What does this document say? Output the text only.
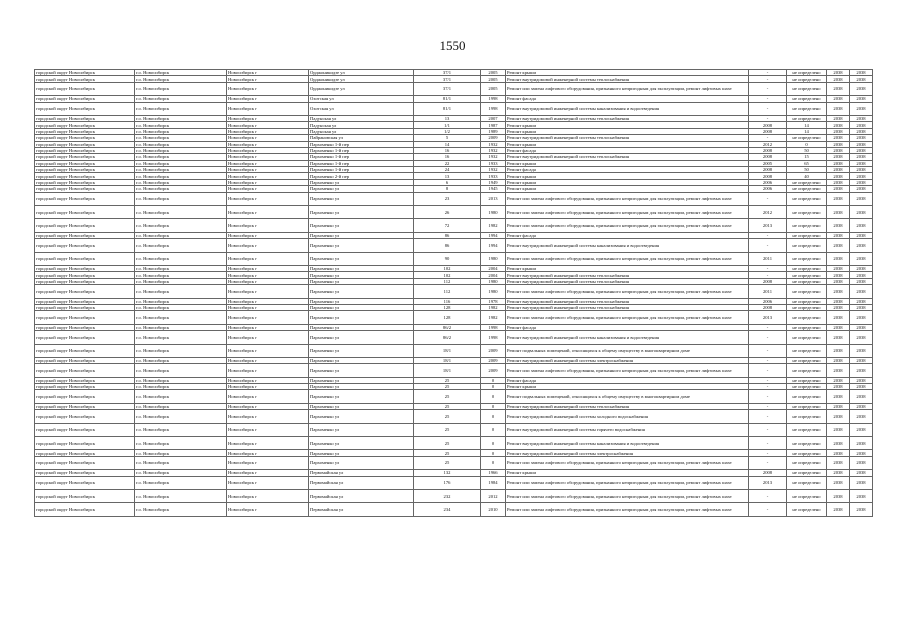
1550
городской округ Новосибирск	г.о. Новосибирск	Новосибирск г	Орджоникидзе ул	37/1	2005	Ремонт крыши	-	не определено	2038	2038
городской округ Новосибирск	г.о. Новосибирск	Новосибирск г	Орджоникидзе ул	37/1	2005	Ремонт внутридомовой инженерной системы теплоснабжения	-	не определено	2038	2038
городской округ Новосибирск	г.о. Новосибирск	Новосибирск г	Орджоникидзе ул	37/1	2005	Ремонт или замена лифтового оборудования, признанного непригодным для эксплуатации, ремонт лифтовых шахт	-	не определено	2038	2038
городской округ Новосибирск	г.о. Новосибирск	Новосибирск г	Охотская ул	81/1	1998	Ремонт фасада	-	не определено	2038	2038
городской округ Новосибирск	г.о. Новосибирск	Новосибирск г	Охотская ул	81/1	1998	Ремонт внутридомовой инженерной системы канализования и водоотведения	-	не определено	2038	2038
городской округ Новосибирск	г.о. Новосибирск	Новосибирск г	Падунская ул	13	2007	Ремонт внутридомовой инженерной системы теплоснабжения	-	не определено	2038	2038
городской округ Новосибирск	г.о. Новосибирск	Новосибирск г	Падунская ул	1/1	1987	Ремонт крыши	2008	14	2038	2038
городской округ Новосибирск	г.о. Новосибирск	Новосибирск г	Падунская ул	1/2	1989	Ремонт крыши	2008	14	2038	2038
городской округ Новосибирск	г.о. Новосибирск	Новосибирск г	Пайрановская ул	5	2009	Ремонт внутридомовой инженерной системы теплоснабжения	-	не определено	2038	2038
городской округ Новосибирск	г.о. Новосибирск	Новосибирск г	Пархоменко 1-й пер	14	1932	Ремонт крыши	2012	0	2038	2038
городской округ Новосибирск	г.о. Новосибирск	Новосибирск г	Пархоменко 1-й пер	16	1932	Ремонт фасада	2008	50	2038	2038
городской округ Новосибирск	г.о. Новосибирск	Новосибирск г	Пархоменко 1-й пер	16	1932	Ремонт внутридомовой инженерной системы теплоснабжения	2008	15	2038	2038
городской округ Новосибирск	г.о. Новосибирск	Новосибирск г	Пархоменко 1-й пер	22	1933	Ремонт крыши	2005	65	2038	2038
городской округ Новосибирск	г.о. Новосибирск	Новосибирск г	Пархоменко 1-й пер	24	1932	Ремонт фасада	2008	50	2038	2038
городской округ Новосибирск	г.о. Новосибирск	Новосибирск г	Пархоменко 2-й пер	13	1933	Ремонт крыши	2008	40	2038	2038
городской округ Новосибирск	г.о. Новосибирск	Новосибирск г	Пархоменко ул	6	1949	Ремонт крыши	2006	не определено	2038	2038
городской округ Новосибирск	г.о. Новосибирск	Новосибирск г	Пархоменко ул	8	1945	Ремонт крыши	2006	не определено	2038	2038
городской округ Новосибирск	г.о. Новосибирск	Новосибирск г	Пархоменко ул	23	2013	Ремонт или замена лифтового оборудования, признанного непригодным для эксплуатации, ремонт лифтовых шахт	-	не определено	2038	2038
городской округ Новосибирск	г.о. Новосибирск	Новосибирск г	Пархоменко ул	26	1980	Ремонт или замена лифтового оборудования, признанного непригодным для эксплуатации, ремонт лифтовых шахт	2012	не определено	2038	2038
городской округ Новосибирск	г.о. Новосибирск	Новосибирск г	Пархоменко ул	72	1982	Ремонт или замена лифтового оборудования, признанного непригодным для эксплуатации, ремонт лифтовых шахт	2013	не определено	2038	2038
городской округ Новосибирск	г.о. Новосибирск	Новосибирск г	Пархоменко ул	86	1994	Ремонт фасада	-	не определено	2038	2038
городской округ Новосибирск	г.о. Новосибирск	Новосибирск г	Пархоменко ул	86	1994	Ремонт внутридомовой инженерной системы канализования и водоотведения	-	не определено	2038	2038
городской округ Новосибирск	г.о. Новосибирск	Новосибирск г	Пархоменко ул	90	1980	Ремонт или замена лифтового оборудования, признанного непригодным для эксплуатации, ремонт лифтовых шахт	2011	не определено	2038	2038
городской округ Новосибирск	г.о. Новосибирск	Новосибирск г	Пархоменко ул	102	2004	Ремонт крыши	-	не определено	2038	2038
городской округ Новосибирск	г.о. Новосибирск	Новосибирск г	Пархоменко ул	102	2004	Ремонт внутридомовой инженерной системы теплоснабжения	-	не определено	2038	2038
городской округ Новосибирск	г.о. Новосибирск	Новосибирск г	Пархоменко ул	112	1980	Ремонт внутридомовой инженерной системы теплоснабжения	2008	не определено	2038	2038
городской округ Новосибирск	г.о. Новосибирск	Новосибирск г	Пархоменко ул	112	1980	Ремонт или замена лифтового оборудования, признанного непригодным для эксплуатации, ремонт лифтовых шахт	2011	не определено	2038	2038
городской округ Новосибирск	г.о. Новосибирск	Новосибирск г	Пархоменко ул	116	1978	Ремонт внутридомовой инженерной системы теплоснабжения	2006	не определено	2038	2038
городской округ Новосибирск	г.о. Новосибирск	Новосибирск г	Пархоменко ул	128	1982	Ремонт внутридомовой инженерной системы теплоснабжения	2008	не определено	2038	2038
городской округ Новосибирск	г.о. Новосибирск	Новосибирск г	Пархоменко ул	128	1982	Ремонт или замена лифтового оборудования, признанного непригодным для эксплуатации, ремонт лифтовых шахт	2013	не определено	2038	2038
городской округ Новосибирск	г.о. Новосибирск	Новосибирск г	Пархоменко ул	86/2	1998	Ремонт фасада	-	не определено	2038	2038
городской округ Новосибирск	г.о. Новосибирск	Новосибирск г	Пархоменко ул	86/2	1998	Ремонт внутридомовой инженерной системы канализования и водоотведения	-	не определено	2038	2038
городской округ Новосибирск	г.о. Новосибирск	Новосибирск г	Пархоменко ул	18/1	2009	Ремонт подвальных помещений, относящихся к общему имуществу в многоквартирном доме	-	не определено	2038	2038
городской округ Новосибирск	г.о. Новосибирск	Новосибирск г	Пархоменко ул	18/1	2009	Ремонт внутридомовой инженерной системы электроснабжения	-	не определено	2038	2038
городской округ Новосибирск	г.о. Новосибирск	Новосибирск г	Пархоменко ул	18/1	2009	Ремонт или замена лифтового оборудования, признанного непригодным для эксплуатации, ремонт лифтовых шахт	-	не определено	2038	2038
городской округ Новосибирск	г.о. Новосибирск	Новосибирск г	Пархоменко ул	25	0	Ремонт фасада	-	не определено	2038	2038
городской округ Новосибирск	г.о. Новосибирск	Новосибирск г	Пархоменко ул	25	0	Ремонт крыши	-	не определено	2038	2038
городской округ Новосибирск	г.о. Новосибирск	Новосибирск г	Пархоменко ул	25	0	Ремонт подвальных помещений, относящихся к общему имуществу в многоквартирном доме	-	не определено	2038	2038
городской округ Новосибирск	г.о. Новосибирск	Новосибирск г	Пархоменко ул	25	0	Ремонт внутридомовой инженерной системы теплоснабжения	-	не определено	2038	2038
городской округ Новосибирск	г.о. Новосибирск	Новосибирск г	Пархоменко ул	25	0	Ремонт внутридомовой инженерной системы холодного водоснабжения	-	не определено	2038	2038
городской округ Новосибирск	г.о. Новосибирск	Новосибирск г	Пархоменко ул	25	0	Ремонт внутридомовой инженерной системы горячего водоснабжения	-	не определено	2038	2038
городской округ Новосибирск	г.о. Новосибирск	Новосибирск г	Пархоменко ул	25	0	Ремонт внутридомовой инженерной системы канализования и водоотведения	-	не определено	2038	2038
городской округ Новосибирск	г.о. Новосибирск	Новосибирск г	Пархоменко ул	25	0	Ремонт внутридомовой инженерной системы электроснабжения	-	не определено	2038	2038
городской округ Новосибирск	г.о. Новосибирск	Новосибирск г	Пархоменко ул	25	0	Ремонт или замена лифтового оборудования, признанного непригодным для эксплуатации, ремонт лифтовых шахт	-	не определено	2038	2038
городской округ Новосибирск	г.о. Новосибирск	Новосибирск г	Первомайская ул	132	1966	Ремонт крыши	2008	не определено	2038	2038
городской округ Новосибирск	г.о. Новосибирск	Новосибирск г	Первомайская ул	176	1984	Ремонт или замена лифтового оборудования, признанного непригодным для эксплуатации, ремонт лифтовых шахт	2013	не определено	2038	2038
городской округ Новосибирск	г.о. Новосибирск	Новосибирск г	Первомайская ул	232	2012	Ремонт или замена лифтового оборудования, признанного непригодным для эксплуатации, ремонт лифтовых шахт	-	не определено	2038	2038
городской округ Новосибирск	г.о. Новосибирск	Новосибирск г	Первомайская ул	234	2010	Ремонт или замена лифтового оборудования, признанного непригодным для эксплуатации, ремонт лифтовых шахт	-	не определено	2038	2038
